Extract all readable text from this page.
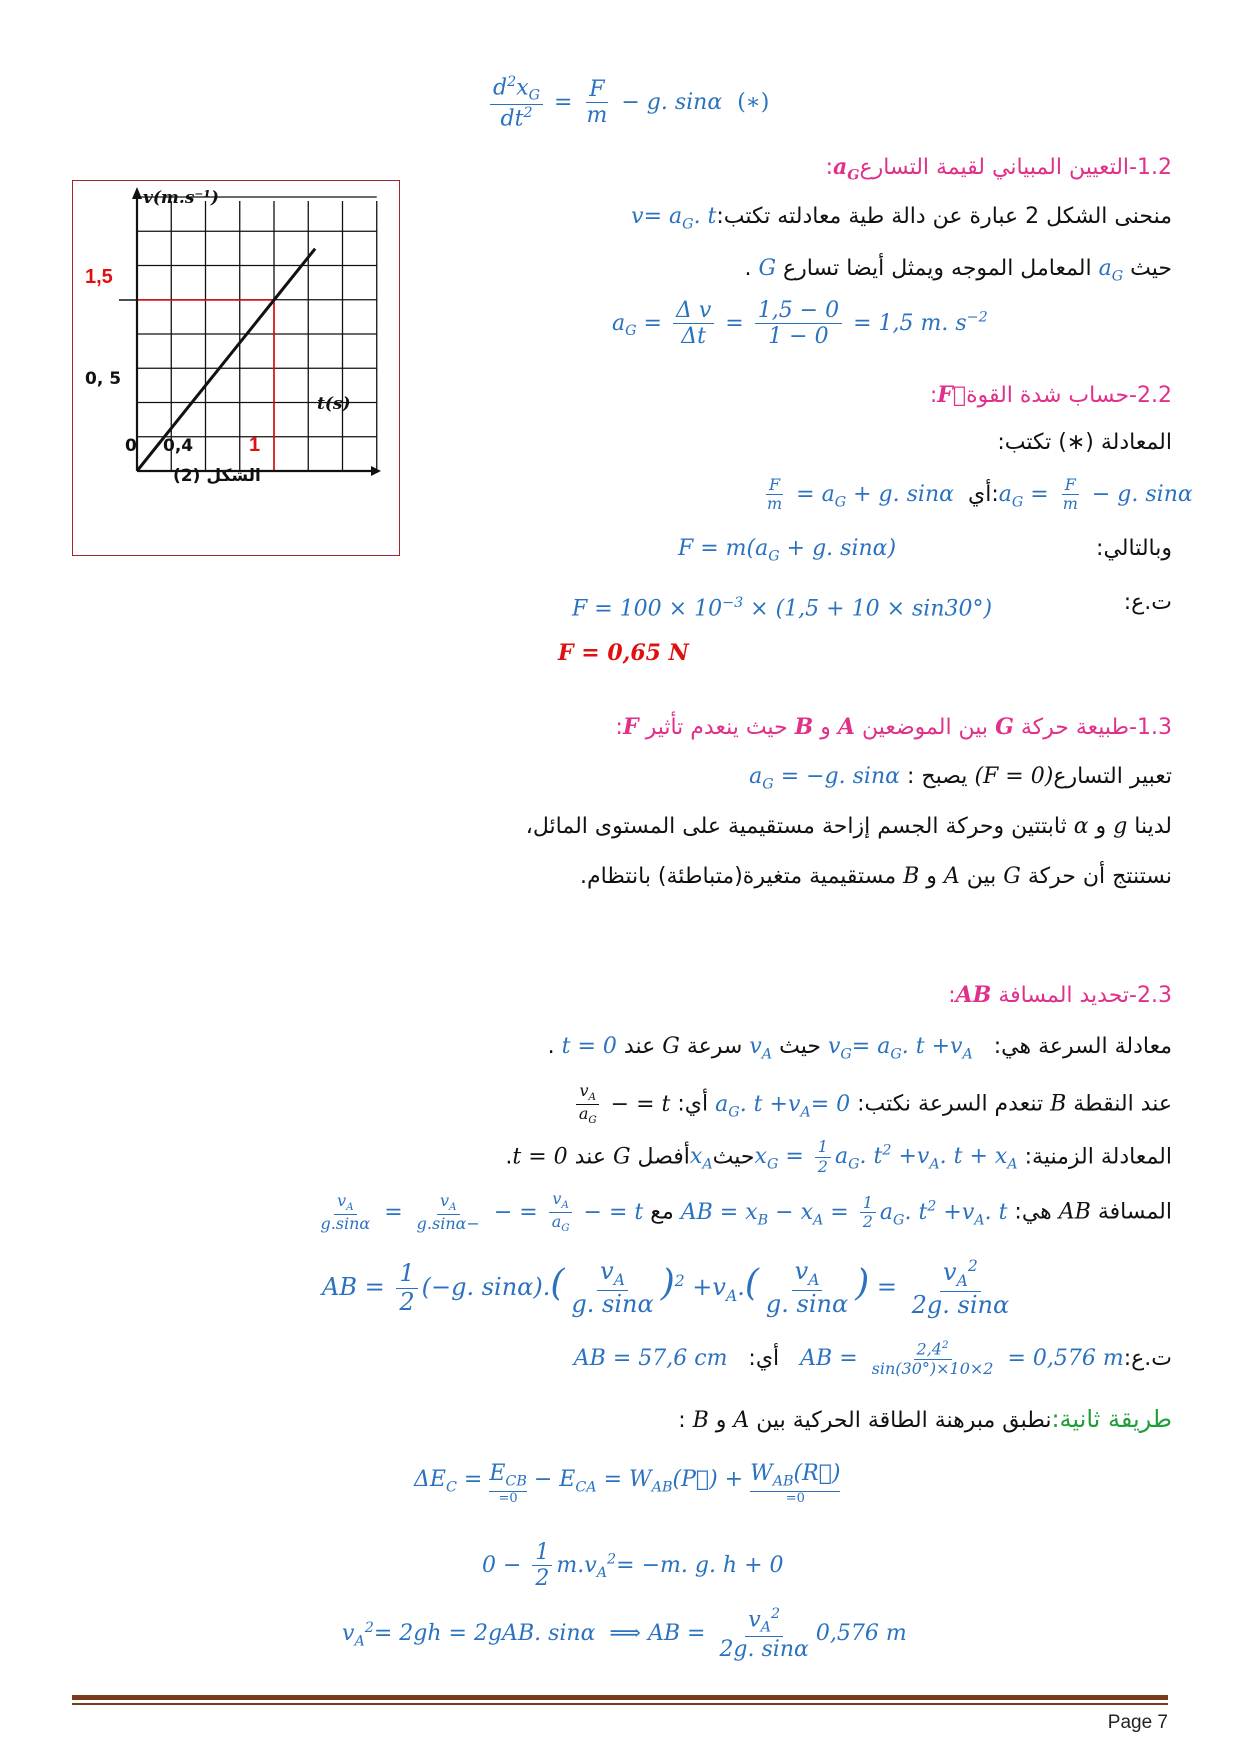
$\frac{d^2x_G}{dt^2} = \frac{F}{m} - g$. sinα (∗)
1.2-التعيين المبياني لقيمة التسارعa$_G$:
منحنى الشكل 2 عبارة عن دالة طية معادلته تكتب:v= $a_G$. t
حيث $a_G$ المعامل الموجه ويمثل أيضا تسارع G .
$a_G = \frac{\text{Δ v}}{\Delta t} = \frac{1,5 - 0}{1 - 0} = 1,5$ m. $s^{-2}$
v(m.s⁻¹)
t(s)
1,5
0, 5
0 0,4	1
الشكل (2)
2.2-حساب شدة القوةF⃗:
المعادلة (∗) تكتب:
$\frac{F}{m} = a_G + g$. sinα $أي:a_G = \frac{F}{m} - g$. sinα
وبالتالي:
$F = m(a_G + g$. sinα)
ت.ع:
$F = 100 \times 10^{-3} \times (1,5 + 10 \times \sin 30^\circ)$
F = 0,65 N
1.3-طبيعة حركة G بين الموضعين A و B حيث ينعدم تأثير F:
تعبير التسارع(F = 0) يصبح : $a_G = -g$. sinα
لدينا g و α ثابتتين وحركة الجسم إزاحة مستقيمية على المستوى المائل،
نستنتج أن حركة G بين A و B مستقيمية متغيرة(متباطئة) بانتظام.
2.3-تحديد المسافة AB:
معادلة السرعة هي:   $v_G= a_G$. $t +v_A$ حيث $v_A$ سرعة G عند t = 0 .
عند النقطة B تنعدم السرعة نكتب: $a_G$. $t +v_A= 0$ أي: t = −
$\frac{v_A}{a_G}$
المعادلة الزمنية: $x_G = \frac{1}{2} a_G$. $t^2 +v_A$. $t + x_Aحيثx_Aأفصل$ G عند t = 0.
المسافة AB هي: AB = $x_B - x_A = \frac{1}{2} a_G$. $t^2 +v_A$. t مع t = −
$\frac{v_A}{a_G}$
= −
$\frac{v_A}{-g.\sin\alpha}$
=
$\frac{v_A}{g.\sin\alpha}$
AB = $\frac{1}{2} (-g$. $\sin\alpha).( \frac{v_A}{g. \sin\alpha} )^2 +v_A.( \frac{v_A}{g. \sin\alpha}$ ) = $\frac{v_A^2}{2g. \sin\alpha}$
ت.ع:AB = $\frac{2,4^2}{2\times 10\times\sin(30^\circ)} = 0,576$ m   أي:   AB = 57,6 cm
طريقة ثانية:نطبق مبرهنة الطاقة الحركية بين A و B :
$\Delta E_C = E_{CB}$
=0
− $E_{CA}$ = $W_{AB}(P⃗)$ + $W_{AB}(R⃗)$
=0
$0 - \frac{1}{2} m.v_A^2= -m$. g. h + 0
$v_A^2= 2gh = 2gAB$. sinα  ⟹ AB = $\frac{v_A^2}{2g. \sin\alpha} 0,576$ m
Page 7
